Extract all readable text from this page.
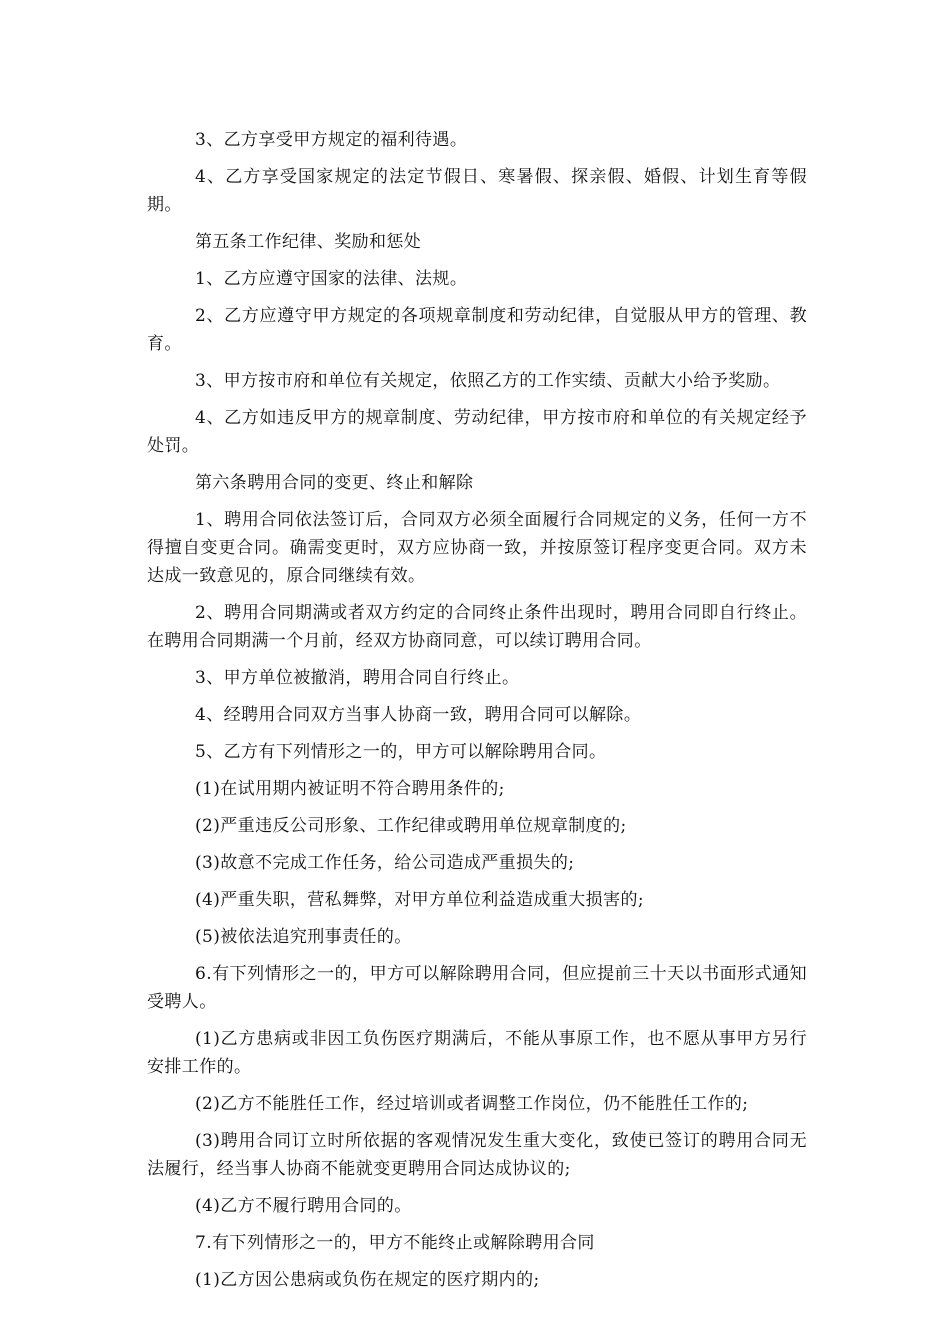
3、乙方享受甲方规定的福利待遇。

4、乙方享受国家规定的法定节假日、寒暑假、探亲假、婚假、计划生育等假期。

第五条工作纪律、奖励和惩处

1、乙方应遵守国家的法律、法规。

2、乙方应遵守甲方规定的各项规章制度和劳动纪律，自觉服从甲方的管理、教育。

3、甲方按市府和单位有关规定，依照乙方的工作实绩、贡献大小给予奖励。

4、乙方如违反甲方的规章制度、劳动纪律，甲方按市府和单位的有关规定经予处罚。

第六条聘用合同的变更、终止和解除

1、聘用合同依法签订后，合同双方必须全面履行合同规定的义务，任何一方不得擅自变更合同。确需变更时，双方应协商一致，并按原签订程序变更合同。双方未达成一致意见的，原合同继续有效。

2、聘用合同期满或者双方约定的合同终止条件出现时，聘用合同即自行终止。在聘用合同期满一个月前，经双方协商同意，可以续订聘用合同。

3、甲方单位被撤消，聘用合同自行终止。

4、经聘用合同双方当事人协商一致，聘用合同可以解除。

5、乙方有下列情形之一的，甲方可以解除聘用合同。

(1)在试用期内被证明不符合聘用条件的;

(2)严重违反公司形象、工作纪律或聘用单位规章制度的;

(3)故意不完成工作任务，给公司造成严重损失的;

(4)严重失职，营私舞弊，对甲方单位利益造成重大损害的;

(5)被依法追究刑事责任的。

6.有下列情形之一的，甲方可以解除聘用合同，但应提前三十天以书面形式通知受聘人。

(1)乙方患病或非因工负伤医疗期满后，不能从事原工作，也不愿从事甲方另行安排工作的。

(2)乙方不能胜任工作，经过培训或者调整工作岗位，仍不能胜任工作的;

(3)聘用合同订立时所依据的客观情况发生重大变化，致使已签订的聘用合同无法履行，经当事人协商不能就变更聘用合同达成协议的;

(4)乙方不履行聘用合同的。

7.有下列情形之一的，甲方不能终止或解除聘用合同

(1)乙方因公患病或负伤在规定的医疗期内的;
